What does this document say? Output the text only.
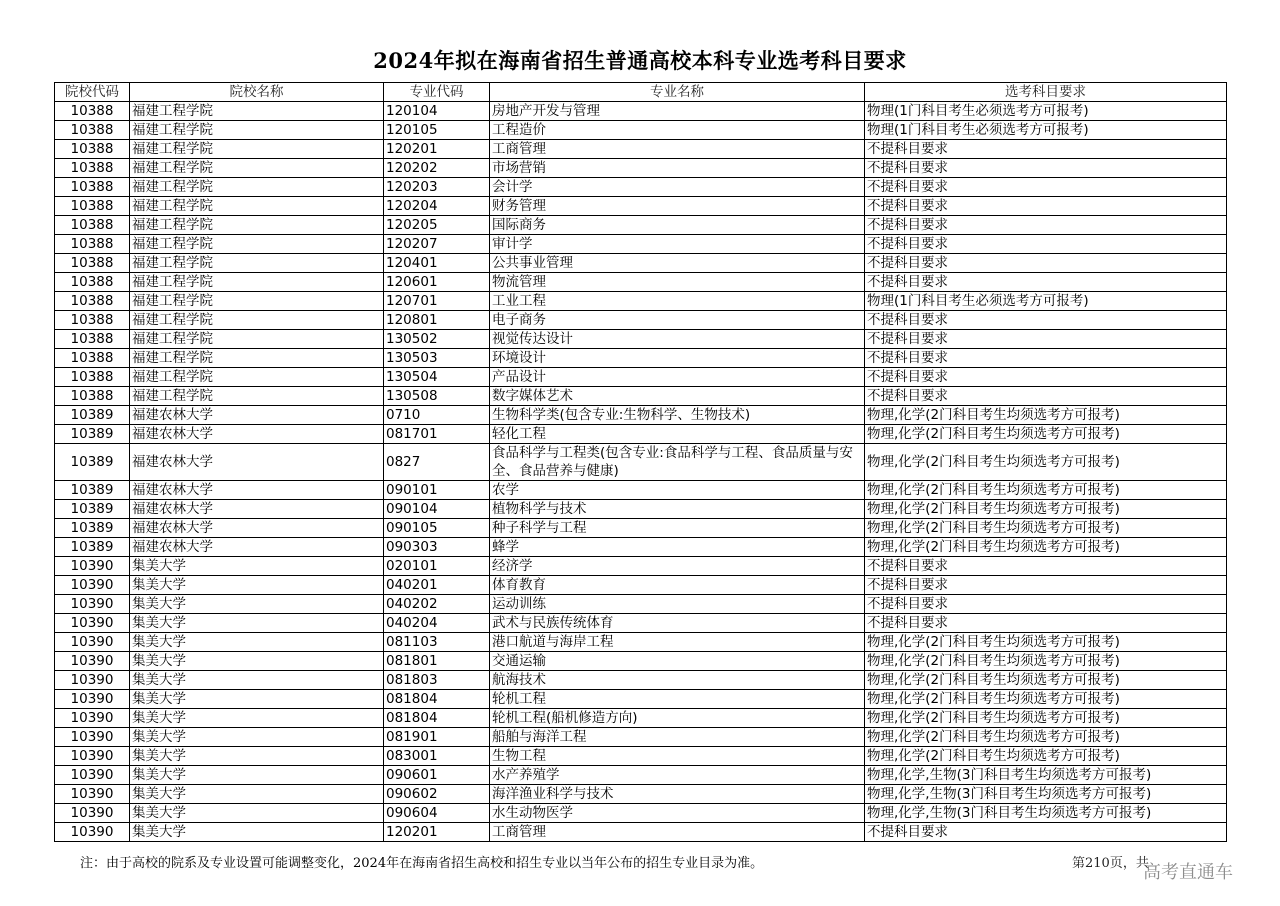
2024年拟在海南省招生普通高校本科专业选考科目要求
院校代码	院校名称	专业代码	专业名称	选考科目要求
10388	福建工程学院	120104	房地产开发与管理	物理(1门科目考生必须选考方可报考)
10388	福建工程学院	120105	工程造价	物理(1门科目考生必须选考方可报考)
10388	福建工程学院	120201	工商管理	不提科目要求
10388	福建工程学院	120202	市场营销	不提科目要求
10388	福建工程学院	120203	会计学	不提科目要求
10388	福建工程学院	120204	财务管理	不提科目要求
10388	福建工程学院	120205	国际商务	不提科目要求
10388	福建工程学院	120207	审计学	不提科目要求
10388	福建工程学院	120401	公共事业管理	不提科目要求
10388	福建工程学院	120601	物流管理	不提科目要求
10388	福建工程学院	120701	工业工程	物理(1门科目考生必须选考方可报考)
10388	福建工程学院	120801	电子商务	不提科目要求
10388	福建工程学院	130502	视觉传达设计	不提科目要求
10388	福建工程学院	130503	环境设计	不提科目要求
10388	福建工程学院	130504	产品设计	不提科目要求
10388	福建工程学院	130508	数字媒体艺术	不提科目要求
10389	福建农林大学	0710	生物科学类(包含专业:生物科学、生物技术)	物理,化学(2门科目考生均须选考方可报考)
10389	福建农林大学	081701	轻化工程	物理,化学(2门科目考生均须选考方可报考)
10389	福建农林大学	0827	食品科学与工程类(包含专业:食品科学与工程、食品质量与安全、食品营养与健康)	物理,化学(2门科目考生均须选考方可报考)
10389	福建农林大学	090101	农学	物理,化学(2门科目考生均须选考方可报考)
10389	福建农林大学	090104	植物科学与技术	物理,化学(2门科目考生均须选考方可报考)
10389	福建农林大学	090105	种子科学与工程	物理,化学(2门科目考生均须选考方可报考)
10389	福建农林大学	090303	蜂学	物理,化学(2门科目考生均须选考方可报考)
10390	集美大学	020101	经济学	不提科目要求
10390	集美大学	040201	体育教育	不提科目要求
10390	集美大学	040202	运动训练	不提科目要求
10390	集美大学	040204	武术与民族传统体育	不提科目要求
10390	集美大学	081103	港口航道与海岸工程	物理,化学(2门科目考生均须选考方可报考)
10390	集美大学	081801	交通运输	物理,化学(2门科目考生均须选考方可报考)
10390	集美大学	081803	航海技术	物理,化学(2门科目考生均须选考方可报考)
10390	集美大学	081804	轮机工程	物理,化学(2门科目考生均须选考方可报考)
10390	集美大学	081804	轮机工程(船机修造方向)	物理,化学(2门科目考生均须选考方可报考)
10390	集美大学	081901	船舶与海洋工程	物理,化学(2门科目考生均须选考方可报考)
10390	集美大学	083001	生物工程	物理,化学(2门科目考生均须选考方可报考)
10390	集美大学	090601	水产养殖学	物理,化学,生物(3门科目考生均须选考方可报考)
10390	集美大学	090602	海洋渔业科学与技术	物理,化学,生物(3门科目考生均须选考方可报考)
10390	集美大学	090604	水生动物医学	物理,化学,生物(3门科目考生均须选考方可报考)
10390	集美大学	120201	工商管理	不提科目要求
注：由于高校的院系及专业设置可能调整变化，2024年在海南省招生高校和招生专业以当年公布的招生专业目录为准。	第210页，共
高考直通车
